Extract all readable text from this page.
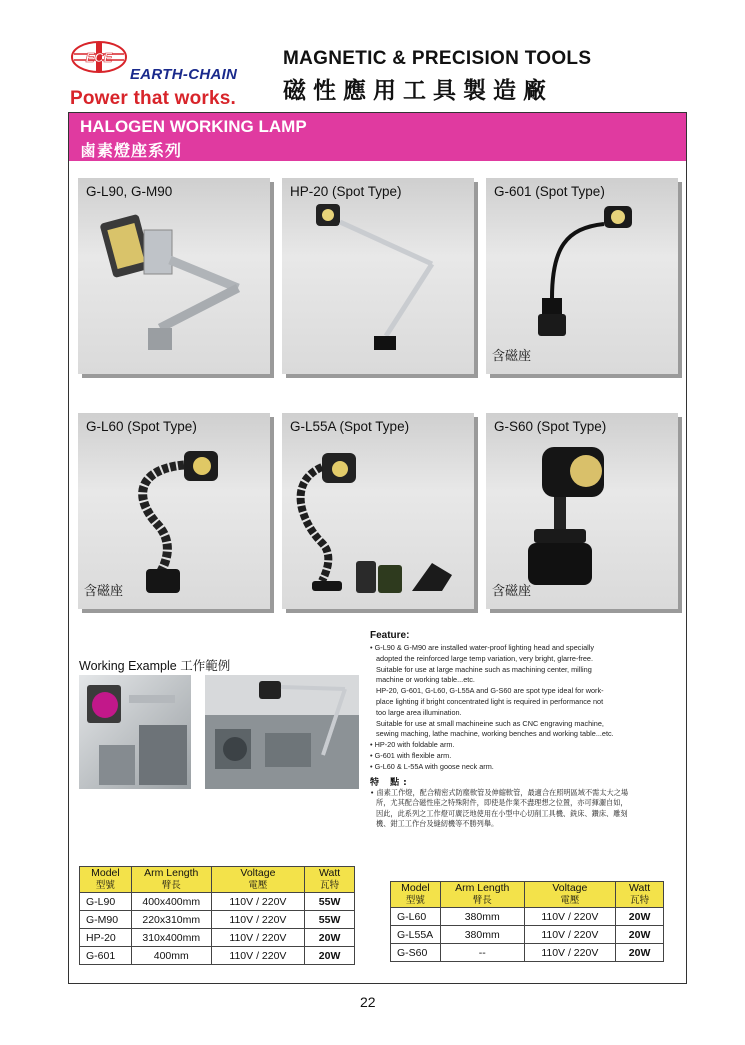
ECE
EARTH-CHAIN
Power that works.
MAGNETIC & PRECISION TOOLS
磁性應用工具製造廠
HALOGEN WORKING LAMP
鹵素燈座系列
G-L90, G-M90	HP-20 (Spot Type)	G-601 (Spot Type)
含磁座
G-L60 (Spot Type)
含磁座
G-L55A (Spot Type)	G-S60 (Spot Type)
含磁座
Working Example 工作範例
Feature:
• G-L90 & G-M90 are installed water-proof lighting head and specially
adopted the reinforced large temp variation, very bright, glarre-free.
Suitable for use at large machine such as machining center, milling
machine or working table...etc.
HP-20, G-601, G-L60, G-L55A and G-S60 are spot type ideal for work-
place lighting if bright concentrated light is required in performance not
too large area illumination.
Suitable for use at small machineine such as CNC engraving machine,
sewing maching, lathe machine, working benches and working table...etc.
• HP-20 with foldable arm.
• G-601 with flexible arm.
• G-L60 & L-55A with goose neck arm.
特 點:
• 鹵素工作燈，配合精密式防塵軟管及伸縮軟管，最適合在照明區域不需太大之場
所，尤其配合磁性座之特殊附件，即使是作業不盡理想之位置，亦可揮灑自如，
因此，此系列之工作燈可廣泛地使用在小型中心切削工具機、銑床、鑽床、雕刻
機、鉗工工作台及縫紉機等不勝列舉。
Model
型號	Arm Length
臂長	Voltage
電壓	Watt
瓦特
G-L90	400x400mm	110V / 220V	55W
G-M90	220x310mm	110V / 220V	55W
HP-20	310x400mm	110V / 220V	20W
G-601	400mm	110V / 220V	20W
Model
型號	Arm Length
臂長	Voltage
電壓	Watt
瓦特
G-L60	380mm	110V / 220V	20W
G-L55A	380mm	110V / 220V	20W
G-S60	--	110V / 220V	20W
22
